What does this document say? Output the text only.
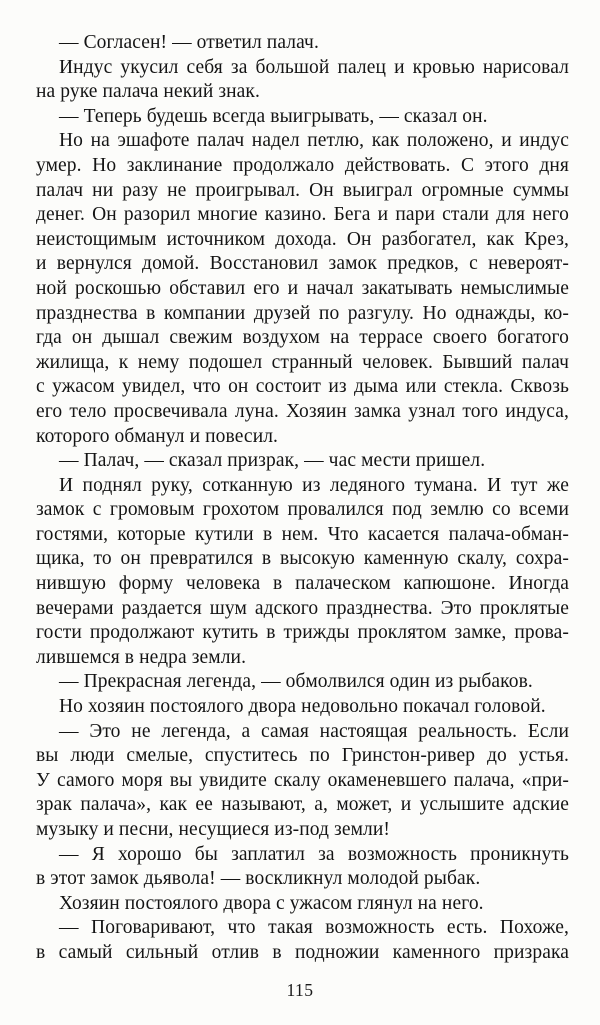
— Согласен! — ответил палач.
Индус укусил себя за большой палец и кровью нарисовал
на руке палача некий знак.
— Теперь будешь всегда выигрывать, — сказал он.
Но на эшафоте палач надел петлю, как положено, и индус
умер. Но заклинание продолжало действовать. С этого дня
палач ни разу не проигрывал. Он выиграл огромные суммы
денег. Он разорил многие казино. Бега и пари стали для него
неистощимым источником дохода. Он разбогател, как Крез,
и вернулся домой. Восстановил замок предков, с невероят-
ной роскошью обставил его и начал закатывать немыслимые
празднества в компании друзей по разгулу. Но однажды, ко-
гда он дышал свежим воздухом на террасе своего богатого
жилища, к нему подошел странный человек. Бывший палач
с ужасом увидел, что он состоит из дыма или стекла. Сквозь
его тело просвечивала луна. Хозяин замка узнал того индуса,
которого обманул и повесил.
— Палач, — сказал призрак, — час мести пришел.
И поднял руку, сотканную из ледяного тумана. И тут же
замок с громовым грохотом провалился под землю со всеми
гостями, которые кутили в нем. Что касается палача-обман-
щика, то он превратился в высокую каменную скалу, сохра-
нившую форму человека в палаческом капюшоне. Иногда
вечерами раздается шум адского празднества. Это проклятые
гости продолжают кутить в трижды проклятом замке, прова-
лившемся в недра земли.
— Прекрасная легенда, — обмолвился один из рыбаков.
Но хозяин постоялого двора недовольно покачал головой.
— Это не легенда, а самая настоящая реальность. Если
вы люди смелые, спуститесь по Гринстон-ривер до устья.
У самого моря вы увидите скалу окаменевшего палача, «при-
зрак палача», как ее называют, а, может, и услышите адские
музыку и песни, несущиеся из-под земли!
— Я хорошо бы заплатил за возможность проникнуть
в этот замок дьявола! — воскликнул молодой рыбак.
Хозяин постоялого двора с ужасом глянул на него.
— Поговаривают, что такая возможность есть. Похоже,
в самый сильный отлив в подножии каменного призрака
115
